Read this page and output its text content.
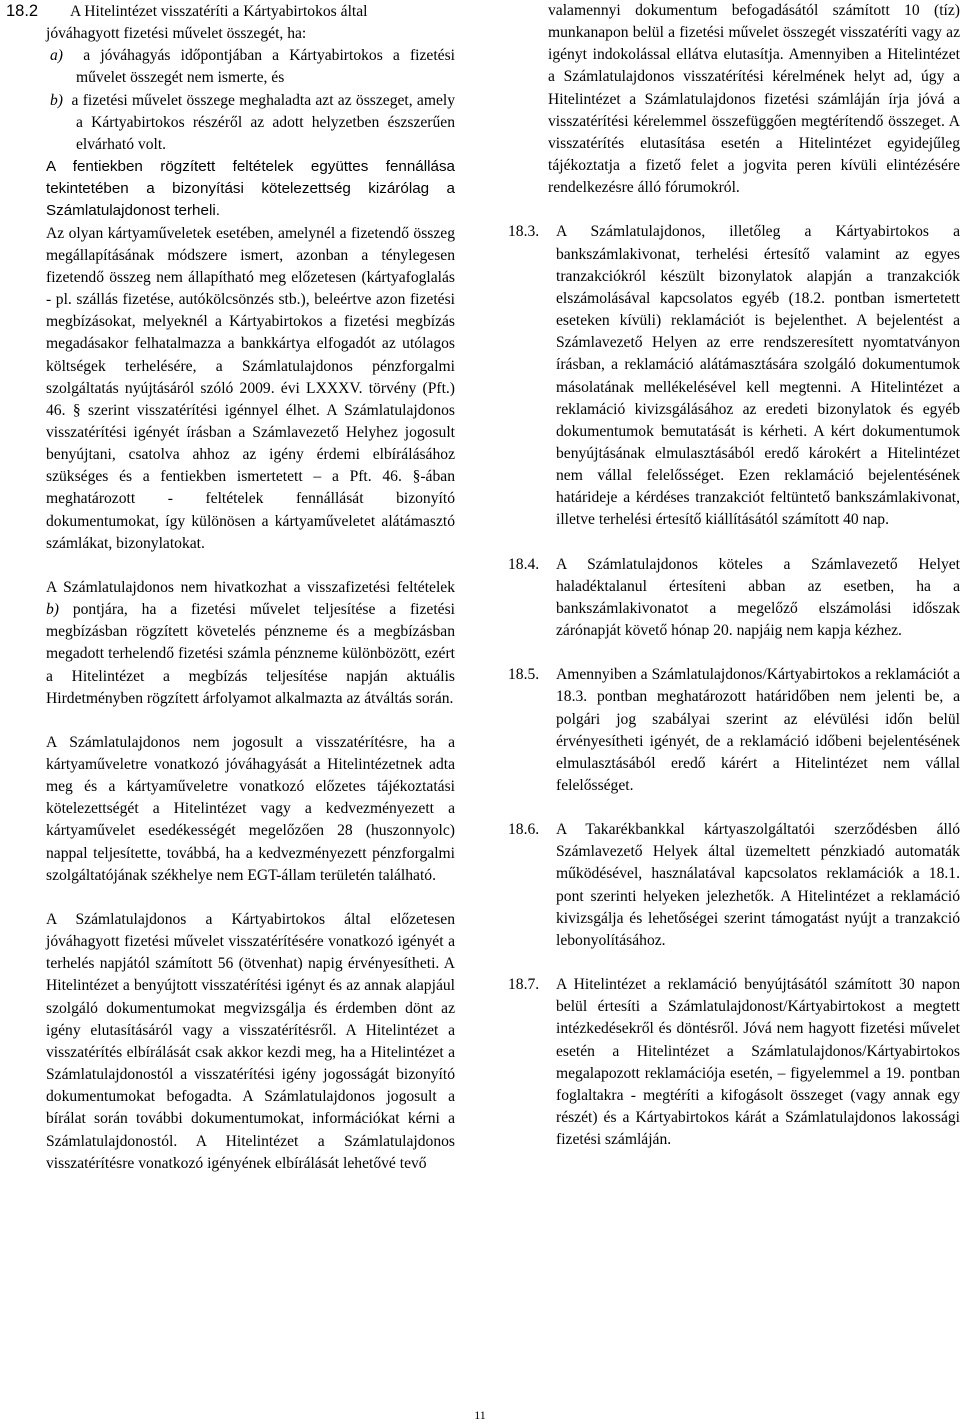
18.2 A Hitelintézet visszatéríti a Kártyabirtokos által

jóváhagyott fizetési művelet összegét, ha:

a) a jóváhagyás időpontjában a Kártyabirtokos a fizetési művelet összegét nem ismerte, és

b) a fizetési művelet összege meghaladta azt az összeget, amely a Kártyabirtokos részéről az adott helyzetben észszerűen elvárható volt.

A fentiekben rögzített feltételek együttes fennállása tekintetében a bizonyítási kötelezettség kizárólag a Számlatulajdonost terheli.

Az olyan kártyaműveletek esetében, amelynél a fizetendő összeg megállapításának módszere ismert, azonban a ténylegesen fizetendő összeg nem állapítható meg előzetesen (kártyafoglalás - pl. szállás fizetése, autókölcsönzés stb.), beleértve azon fizetési megbízásokat, melyeknél a Kártyabirtokos a fizetési megbízás megadásakor felhatalmazza a bankkártya elfogadót az utólagos költségek terhelésére, a Számlatulajdonos pénzforgalmi szolgáltatás nyújtásáról szóló 2009. évi LXXXV. törvény (Pft.) 46. § szerint visszatérítési igénnyel élhet. A Számlatulajdonos visszatérítési igényét írásban a Számlavezető Helyhez jogosult benyújtani, csatolva ahhoz az igény érdemi elbírálásához szükséges és a fentiekben ismertetett – a Pft. 46. §-ában meghatározott - feltételek fennállását bizonyító dokumentumokat, így különösen a kártyaműveletet alátámasztó számlákat, bizonylatokat.

A Számlatulajdonos nem hivatkozhat a visszafizetési feltételek b) pontjára, ha a fizetési művelet teljesítése a fizetési megbízásban rögzített követelés pénzneme és a megbízásban megadott terhelendő fizetési számla pénzneme különbözött, ezért a Hitelintézet a megbízás teljesítése napján aktuális Hirdetményben rögzített árfolyamot alkalmazta az átváltás során.

A Számlatulajdonos nem jogosult a visszatérítésre, ha a kártyaműveletre vonatkozó jóváhagyását a Hitelintézetnek adta meg és a kártyaműveletre vonatkozó előzetes tájékoztatási kötelezettségét a Hitelintézet vagy a kedvezményezett a kártyaművelet esedékességét megelőzően 28 (huszonnyolc) nappal teljesítette, továbbá, ha a kedvezményezett pénzforgalmi szolgáltatójának székhelye nem EGT-állam területén található.

A Számlatulajdonos a Kártyabirtokos által előzetesen jóváhagyott fizetési művelet visszatérítésére vonatkozó igényét a terhelés napjától számított 56 (ötvenhat) napig érvényesítheti. A Hitelintézet a benyújtott visszatérítési igényt és az annak alapjául szolgáló dokumentumokat megvizsgálja és érdemben dönt az igény elutasításáról vagy a visszatérítésről. A Hitelintézet a visszatérítés elbírálását csak akkor kezdi meg, ha a Hitelintézet a Számlatulajdonostól a visszatérítési igény jogosságát bizonyító dokumentumokat befogadta. A Számlatulajdonos jogosult a bírálat során további dokumentumokat, információkat kérni a Számlatulajdonostól. A Hitelintézet a Számlatulajdonos visszatérítésre vonatkozó igényének elbírálását lehetővé tevő

valamennyi dokumentum befogadásától számított 10 (tíz) munkanapon belül a fizetési művelet összegét visszatéríti vagy az igényt indokolással ellátva elutasítja. Amennyiben a Hitelintézet a Számlatulajdonos visszatérítési kérelmének helyt ad, úgy a Hitelintézet a Számlatulajdonos fizetési számláján írja jóvá a visszatérítési kérelemmel összefüggően megtérítendő összeget. A visszatérítés elutasítása esetén a Hitelintézet egyidejűleg tájékoztatja a fizető felet a jogvita peren kívüli elintézésére rendelkezésre álló fórumokról.

18.3.	A Számlatulajdonos, illetőleg a Kártyabirtokos a bankszámlakivonat, terhelési értesítő valamint az egyes tranzakciókról készült bizonylatok alapján a tranzakciók elszámolásával kapcsolatos egyéb (18.2. pontban ismertetett eseteken kívüli) reklamációt is bejelenthet. A bejelentést a Számlavezető Helyen az erre rendszeresített nyomtatványon írásban, a reklamáció alátámasztására szolgáló dokumentumok másolatának mellékelésével kell megtenni. A Hitelintézet a reklamáció kivizsgálásához az eredeti bizonylatok és egyéb dokumentumok bemutatását is kérheti. A kért dokumentumok benyújtásának elmulasztásából eredő károkért a Hitelintézet nem vállal felelősséget. Ezen reklamáció bejelentésének határideje a kérdéses tranzakciót feltüntető bankszámlakivonat, illetve terhelési értesítő kiállításától számított 40 nap.
18.4.	A Számlatulajdonos köteles a Számlavezető Helyet haladéktalanul értesíteni abban az esetben, ha a bankszámlakivonatot a megelőző elszámolási időszak zárónapját követő hónap 20. napjáig nem kapja kézhez.
18.5.	Amennyiben a Számlatulajdonos/Kártyabirtokos a reklamációt a 18.3. pontban meghatározott határidőben nem jelenti be, a polgári jog szabályai szerint az elévülési időn belül érvényesítheti igényét, de a reklamáció időbeni bejelentésének elmulasztásából eredő kárért a Hitelintézet nem vállal felelősséget.
18.6.	A Takarékbankkal kártyaszolgáltatói szerződésben álló Számlavezető Helyek által üzemeltett pénzkiadó automaták működésével, használatával kapcsolatos reklamációk a 18.1. pont szerinti helyeken jelezhetők. A Hitelintézet a reklamáció kivizsgálja és lehetőségei szerint támogatást nyújt a tranzakció lebonyolításához.
18.7.	A Hitelintézet a reklamáció benyújtásától számított 30 napon belül értesíti a Számlatulajdonost/Kártyabirtokost a megtett intézkedésekről és döntésről. Jóvá nem hagyott fizetési művelet esetén a Hitelintézet a Számlatulajdonos/Kártyabirtokos megalapozott reklamációja esetén, – figyelemmel a 19. pontban foglaltakra - megtéríti a kifogásolt összeget (vagy annak egy részét) és a Kártyabirtokos kárát a Számlatulajdonos lakossági fizetési számláján.
11
